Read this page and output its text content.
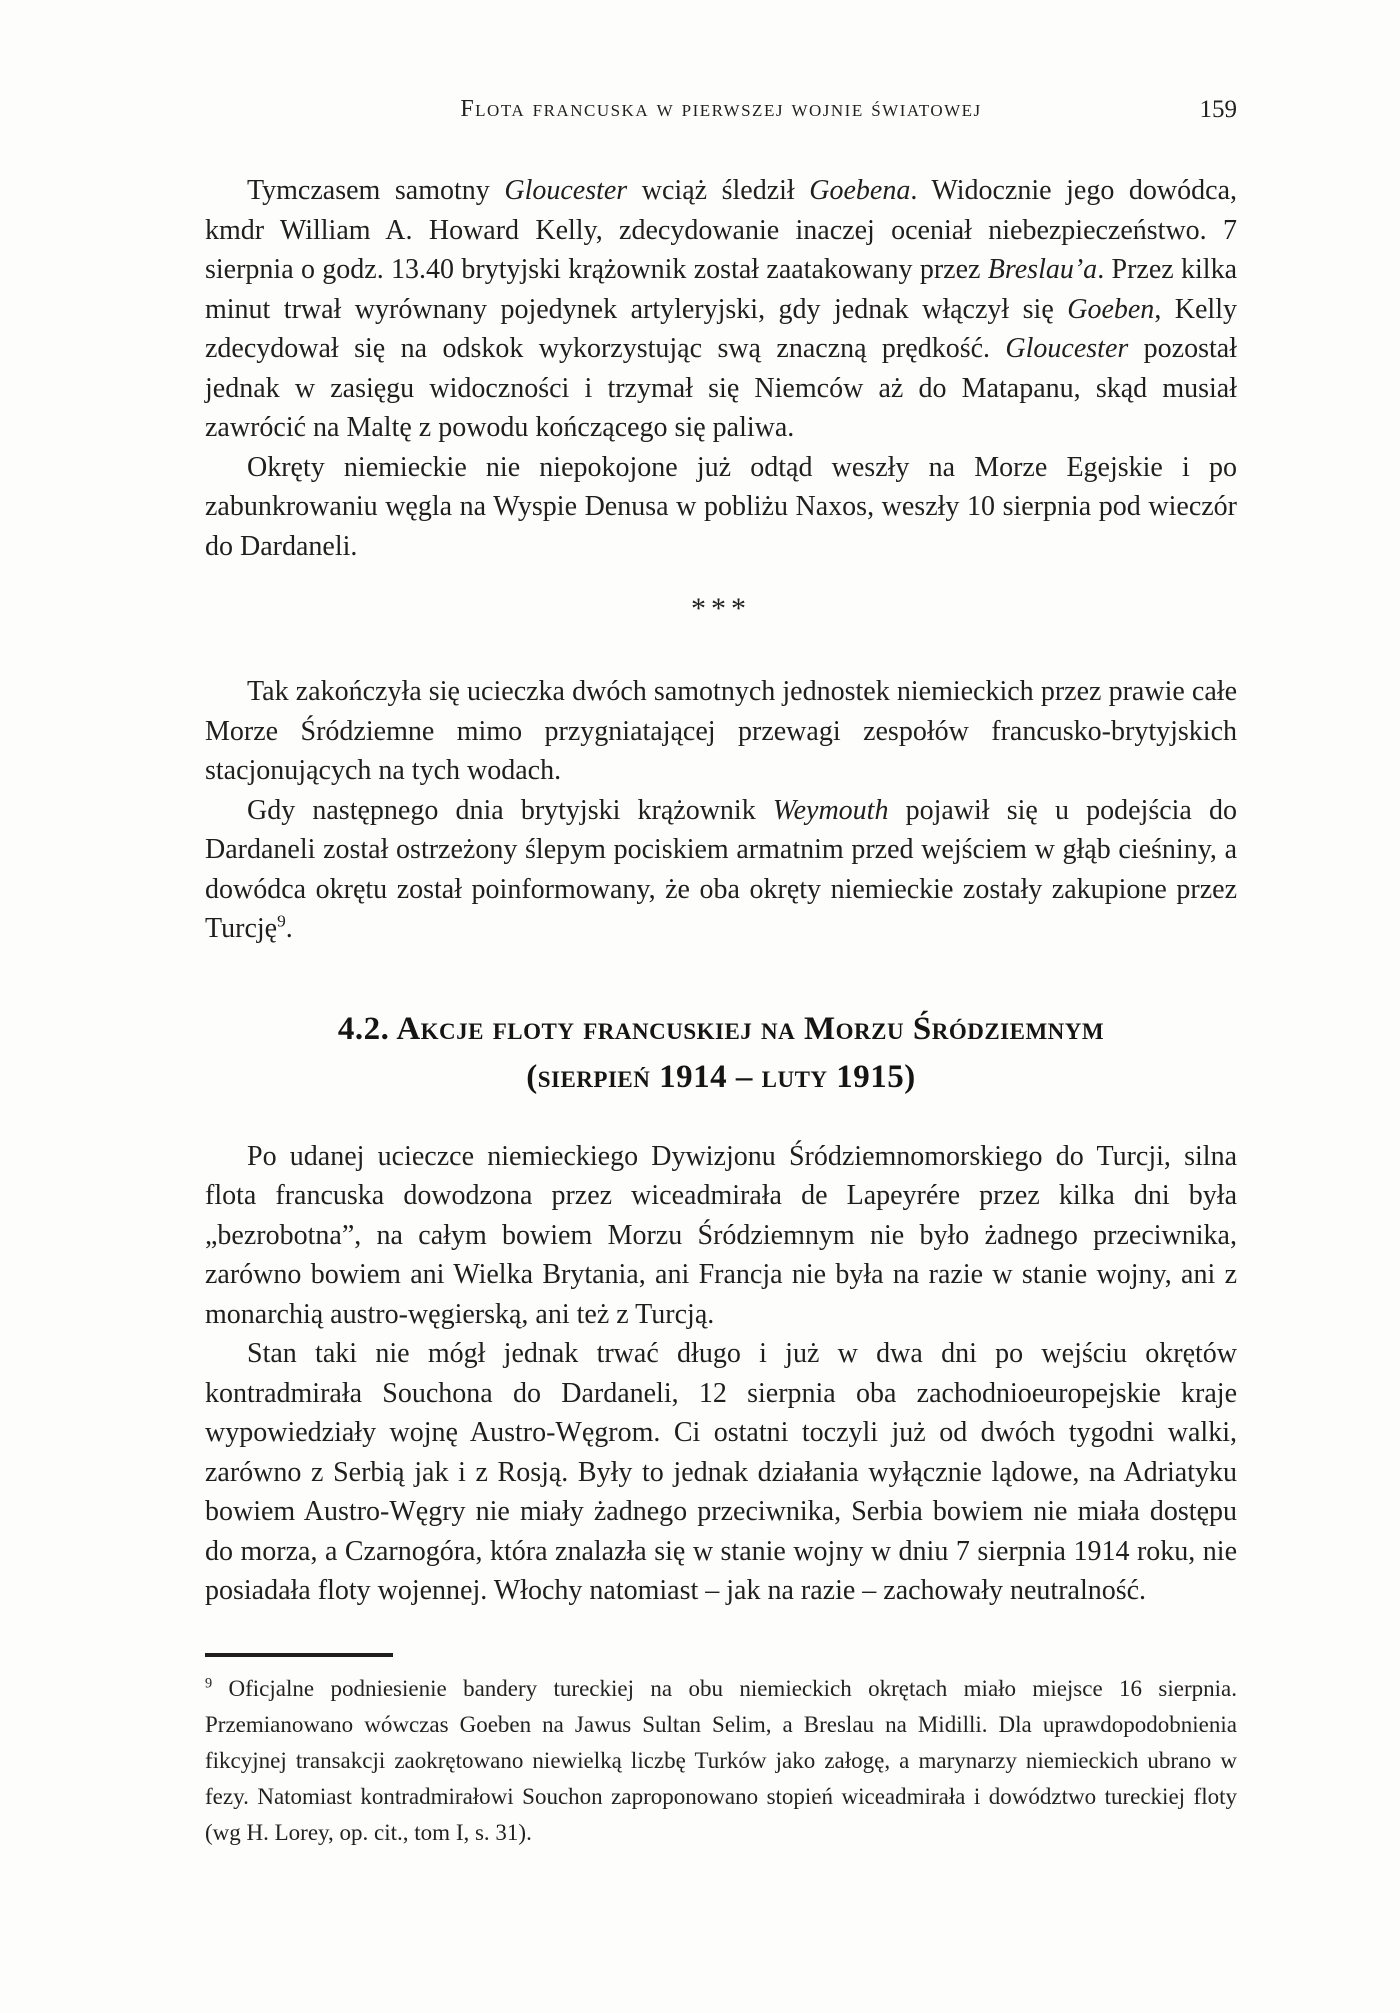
Flota francuska w pierwszej wojnie światowej	159

Tymczasem samotny Gloucester wciąż śledził Goebena. Widocznie jego dowódca, kmdr William A. Howard Kelly, zdecydowanie inaczej oceniał niebezpieczeństwo. 7 sierpnia o godz. 13.40 brytyjski krążownik został zaatakowany przez Breslau’a. Przez kilka minut trwał wyrównany pojedynek artyleryjski, gdy jednak włączył się Goeben, Kelly zdecydował się na odskok wykorzystując swą znaczną prędkość. Gloucester pozostał jednak w zasięgu widoczności i trzymał się Niemców aż do Matapanu, skąd musiał zawrócić na Maltę z powodu kończącego się paliwa.

Okręty niemieckie nie niepokojone już odtąd weszły na Morze Egejskie i po zabunkrowaniu węgla na Wyspie Denusa w pobliżu Naxos, weszły 10 sierpnia pod wieczór do Dardaneli.

***

Tak zakończyła się ucieczka dwóch samotnych jednostek niemieckich przez prawie całe Morze Śródziemne mimo przygniatającej przewagi zespołów francusko-brytyjskich stacjonujących na tych wodach.

Gdy następnego dnia brytyjski krążownik Weymouth pojawił się u podejścia do Dardaneli został ostrzeżony ślepym pociskiem armatnim przed wejściem w głąb cieśniny, a dowódca okrętu został poinformowany, że oba okręty niemieckie zostały zakupione przez Turcję$^9$.

4.2. Akcje floty francuskiej na Morzu Śródziemnym
(sierpień 1914 – luty 1915)

Po udanej ucieczce niemieckiego Dywizjonu Śródziemnomorskiego do Turcji, silna flota francuska dowodzona przez wiceadmirała de Lapeyrére przez kilka dni była „bezrobotna”, na całym bowiem Morzu Śródziemnym nie było żadnego przeciwnika, zarówno bowiem ani Wielka Brytania, ani Francja nie była na razie w stanie wojny, ani z monarchią austro-węgierską, ani też z Turcją.

Stan taki nie mógł jednak trwać długo i już w dwa dni po wejściu okrętów kontradmirała Souchona do Dardaneli, 12 sierpnia oba zachodnioeuropejskie kraje wypowiedziały wojnę Austro-Węgrom. Ci ostatni toczyli już od dwóch tygodni walki, zarówno z Serbią jak i z Rosją. Były to jednak działania wyłącznie lądowe, na Adriatyku bowiem Austro-Węgry nie miały żadnego przeciwnika, Serbia bowiem nie miała dostępu do morza, a Czarnogóra, która znalazła się w stanie wojny w dniu 7 sierpnia 1914 roku, nie posiadała floty wojennej. Włochy natomiast – jak na razie – zachowały neutralność.

$^9$ Oficjalne podniesienie bandery tureckiej na obu niemieckich okrętach miało miejsce 16 sierpnia. Przemianowano wówczas Goeben na Jawus Sultan Selim, a Breslau na Midilli. Dla uprawdopodobnienia fikcyjnej transakcji zaokrętowano niewielką liczbę Turków jako załogę, a marynarzy niemieckich ubrano w fezy. Natomiast kontradmirałowi Souchon zaproponowano stopień wiceadmirała i dowództwo tureckiej floty (wg H. Lorey, op. cit., tom I, s. 31).
